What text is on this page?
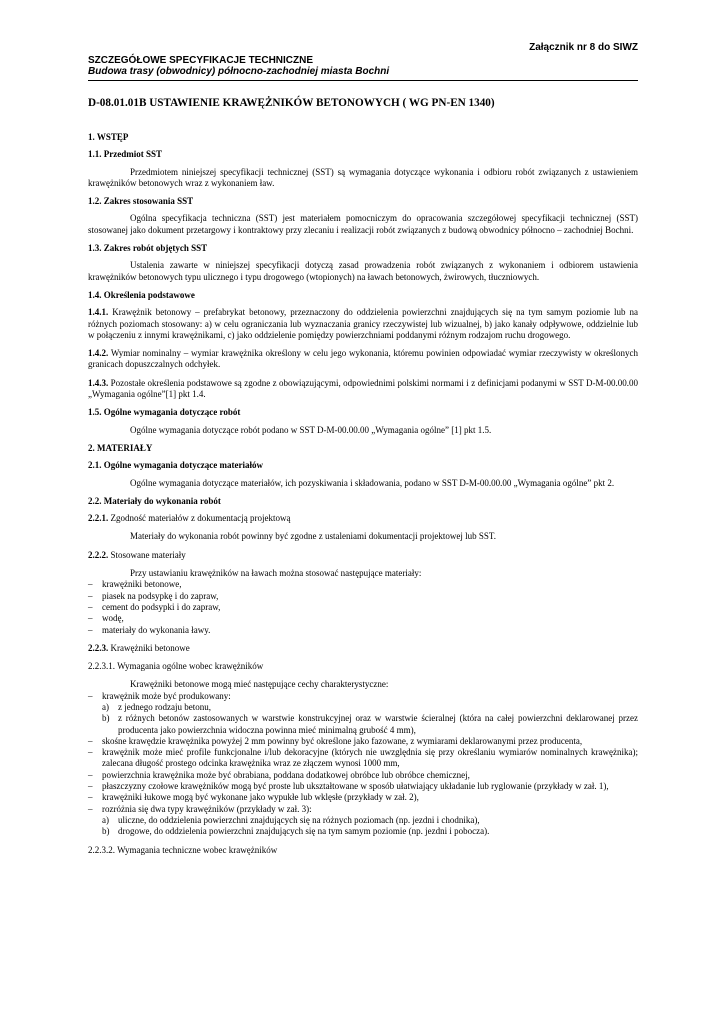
Załącznik nr 8 do SIWZ
SZCZEGÓŁOWE SPECYFIKACJE TECHNICZNE
Budowa trasy (obwodnicy) północno-zachodniej miasta Bochni
D-08.01.01B USTAWIENIE KRAWĘŻNIKÓW BETONOWYCH ( WG PN-EN 1340)

1. WSTĘP

1.1. Przedmiot SST

Przedmiotem niniejszej specyfikacji technicznej (SST) są wymagania dotyczące wykonania i odbioru robót związanych z ustawieniem krawężników betonowych wraz z wykonaniem ław.

1.2. Zakres stosowania SST

Ogólna specyfikacja techniczna (SST) jest materiałem pomocniczym do opracowania szczegółowej specyfikacji technicznej (SST) stosowanej jako dokument przetargowy i kontraktowy przy zlecaniu i realizacji robót związanych z budową obwodnicy północno – zachodniej Bochni.

1.3. Zakres robót objętych SST

Ustalenia zawarte w niniejszej specyfikacji dotyczą zasad prowadzenia robót związanych z wykonaniem i odbiorem ustawienia krawężników betonowych typu ulicznego i typu drogowego (wtopionych) na ławach betonowych, żwirowych, tłuczniowych.

1.4. Określenia podstawowe

1.4.1. Krawężnik betonowy – prefabrykat betonowy, przeznaczony do oddzielenia powierzchni znajdujących się na tym samym poziomie lub na różnych poziomach stosowany: a) w celu ograniczania lub wyznaczania granicy rzeczywistej lub wizualnej, b) jako kanały odpływowe, oddzielnie lub w połączeniu z innymi krawężnikami, c) jako oddzielenie pomiędzy powierzchniami poddanymi różnym rodzajom ruchu drogowego.

1.4.2. Wymiar nominalny – wymiar krawężnika określony w celu jego wykonania, któremu powinien odpowiadać wymiar rzeczywisty w określonych granicach dopuszczalnych odchyłek.

1.4.3. Pozostałe określenia podstawowe są zgodne z obowiązującymi, odpowiednimi polskimi normami i z definicjami podanymi w SST D-M-00.00.00 „Wymagania ogólne”[1] pkt 1.4.

1.5. Ogólne wymagania dotyczące robót

Ogólne wymagania dotyczące robót podano w SST D-M-00.00.00 „Wymagania ogólne” [1] pkt 1.5.

2. MATERIAŁY

2.1. Ogólne wymagania dotyczące materiałów

Ogólne wymagania dotyczące materiałów, ich pozyskiwania i składowania, podano w SST D-M-00.00.00 „Wymagania ogólne” pkt 2.

2.2. Materiały do wykonania robót

2.2.1. Zgodność materiałów z dokumentacją projektową

Materiały do wykonania robót powinny być zgodne z ustaleniami dokumentacji projektowej lub SST.

2.2.2. Stosowane materiały

Przy ustawianiu krawężników na ławach można stosować następujące materiały:

– krawężniki betonowe,
– piasek na podsypkę i do zapraw,
– cement do podsypki i do zapraw,
– wodę,
– materiały do wykonania ławy.

2.2.3. Krawężniki betonowe

2.2.3.1. Wymagania ogólne wobec krawężników

Krawężniki betonowe mogą mieć następujące cechy charakterystyczne:

– krawężnik może być produkowany:
a) z jednego rodzaju betonu,
b) z różnych betonów zastosowanych w warstwie konstrukcyjnej oraz w warstwie ścieralnej (która na całej powierzchni deklarowanej przez producenta jako powierzchnia widoczna powinna mieć minimalną grubość 4 mm),
– skośne krawędzie krawężnika powyżej 2 mm powinny być określone jako fazowane, z wymiarami deklarowanymi przez producenta,
– krawężnik może mieć profile funkcjonalne i/lub dekoracyjne (których nie uwzględnia się przy określaniu wymiarów nominalnych krawężnika); zalecana długość prostego odcinka krawężnika wraz ze złączem wynosi 1000 mm,
– powierzchnia krawężnika może być obrabiana, poddana dodatkowej obróbce lub obróbce chemicznej,
– płaszczyzny czołowe krawężników mogą być proste lub ukształtowane w sposób ułatwiający układanie lub ryglowanie (przykłady w zał. 1),
– krawężniki łukowe mogą być wykonane jako wypukłe lub wklęsłe (przykłady w zał. 2),
– rozróżnia się dwa typy krawężników (przykłady w zał. 3):
a) uliczne, do oddzielenia powierzchni znajdujących się na różnych poziomach (np. jezdni i chodnika),
b) drogowe, do oddzielenia powierzchni znajdujących się na tym samym poziomie (np. jezdni i pobocza).

2.2.3.2. Wymagania techniczne wobec krawężników
